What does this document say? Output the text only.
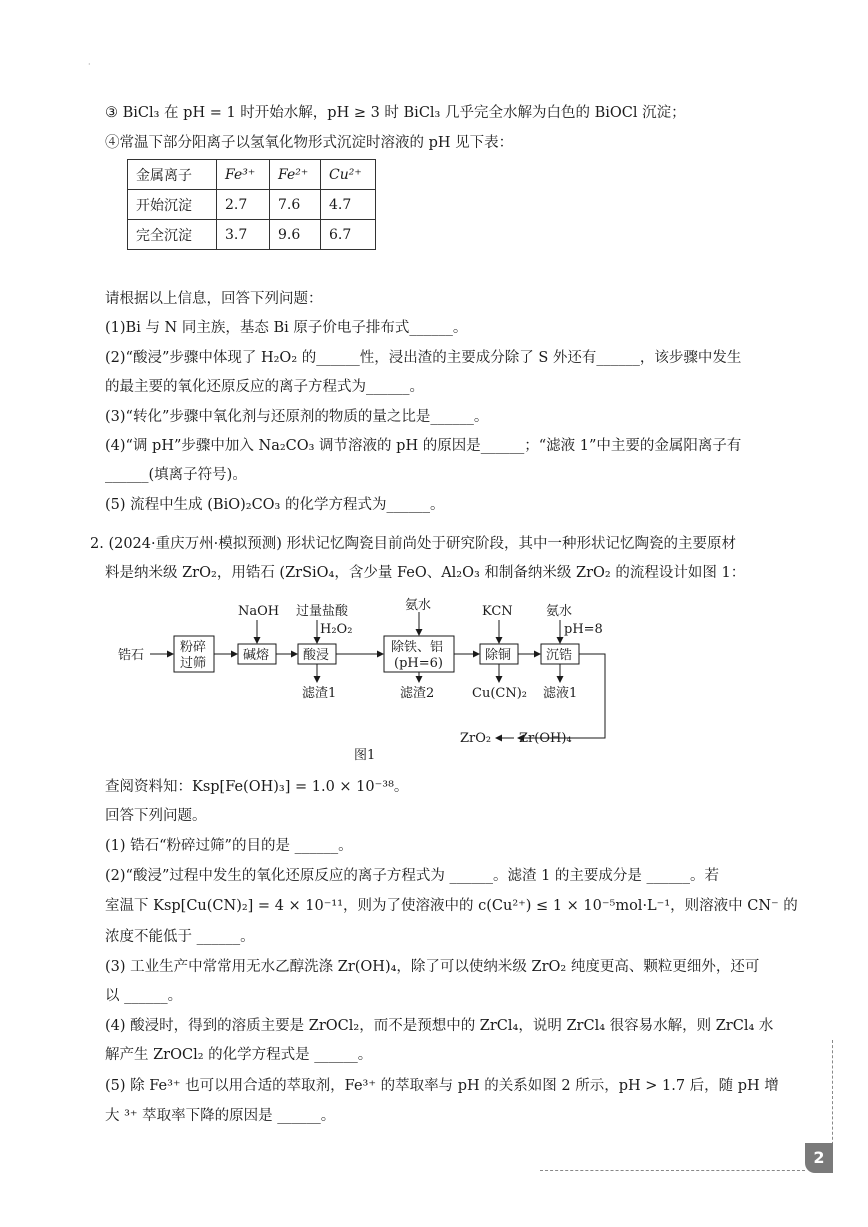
·
③ BiCl₃ 在 pH = 1 时开始水解，pH ≥ 3 时 BiCl₃ 几乎完全水解为白色的 BiOCl 沉淀；
④常温下部分阳离子以氢氧化物形式沉淀时溶液的 pH 见下表：
金属离子	Fe³⁺	Fe²⁺	Cu²⁺
开始沉淀	2.7	7.6	4.7
完全沉淀	3.7	9.6	6.7
请根据以上信息，回答下列问题：
(1)Bi 与 N 同主族，基态 Bi 原子价电子排布式______。
(2)“酸浸”步骤中体现了 H₂O₂ 的______性，浸出渣的主要成分除了 S 外还有______，该步骤中发生
的最主要的氧化还原反应的离子方程式为______。
(3)“转化”步骤中氧化剂与还原剂的物质的量之比是______。
(4)“调 pH”步骤中加入 Na₂CO₃ 调节溶液的 pH 的原因是______；“滤液 1”中主要的金属阳离子有
______(填离子符号)。
(5) 流程中生成 (BiO)₂CO₃ 的化学方程式为______。
2. (2024·重庆万州·模拟预测) 形状记忆陶瓷目前尚处于研究阶段，其中一种形状记忆陶瓷的主要原材
料是纳米级 ZrO₂，用锆石 (ZrSiO₄，含少量 FeO、Al₂O₃ 和制备纳米级 ZrO₂ 的流程设计如图 1：
锆石
粉碎
过筛
碱熔	酸浸
除铁、铝
(pH=6)
除铜	沉锆
NaOH 过量盐酸
H₂O₂
氨水	KCN	氨水
pH=8
滤渣1	滤渣2	Cu(CN)₂ 滤液1
ZrO₂ Zr(OH)₄
图1
查阅资料知：Ksp[Fe(OH)₃] = 1.0 × 10⁻³⁸。
回答下列问题。
(1) 锆石“粉碎过筛”的目的是 ______。
(2)“酸浸”过程中发生的氧化还原反应的离子方程式为 ______。滤渣 1 的主要成分是 ______。若
室温下 Ksp[Cu(CN)₂] = 4 × 10⁻¹¹，则为了使溶液中的 c(Cu²⁺) ≤ 1 × 10⁻⁵mol·L⁻¹，则溶液中 CN⁻ 的
浓度不能低于 ______。
(3) 工业生产中常常用无水乙醇洗涤 Zr(OH)₄，除了可以使纳米级 ZrO₂ 纯度更高、颗粒更细外，还可
以 ______。
(4) 酸浸时，得到的溶质主要是 ZrOCl₂，而不是预想中的 ZrCl₄，说明 ZrCl₄ 很容易水解，则 ZrCl₄ 水
解产生 ZrOCl₂ 的化学方程式是 ______。
(5) 除 Fe³⁺ 也可以用合适的萃取剂，Fe³⁺ 的萃取率与 pH 的关系如图 2 所示，pH > 1.7 后，随 pH 增
大 ³⁺ 萃取率下降的原因是 ______。
2
